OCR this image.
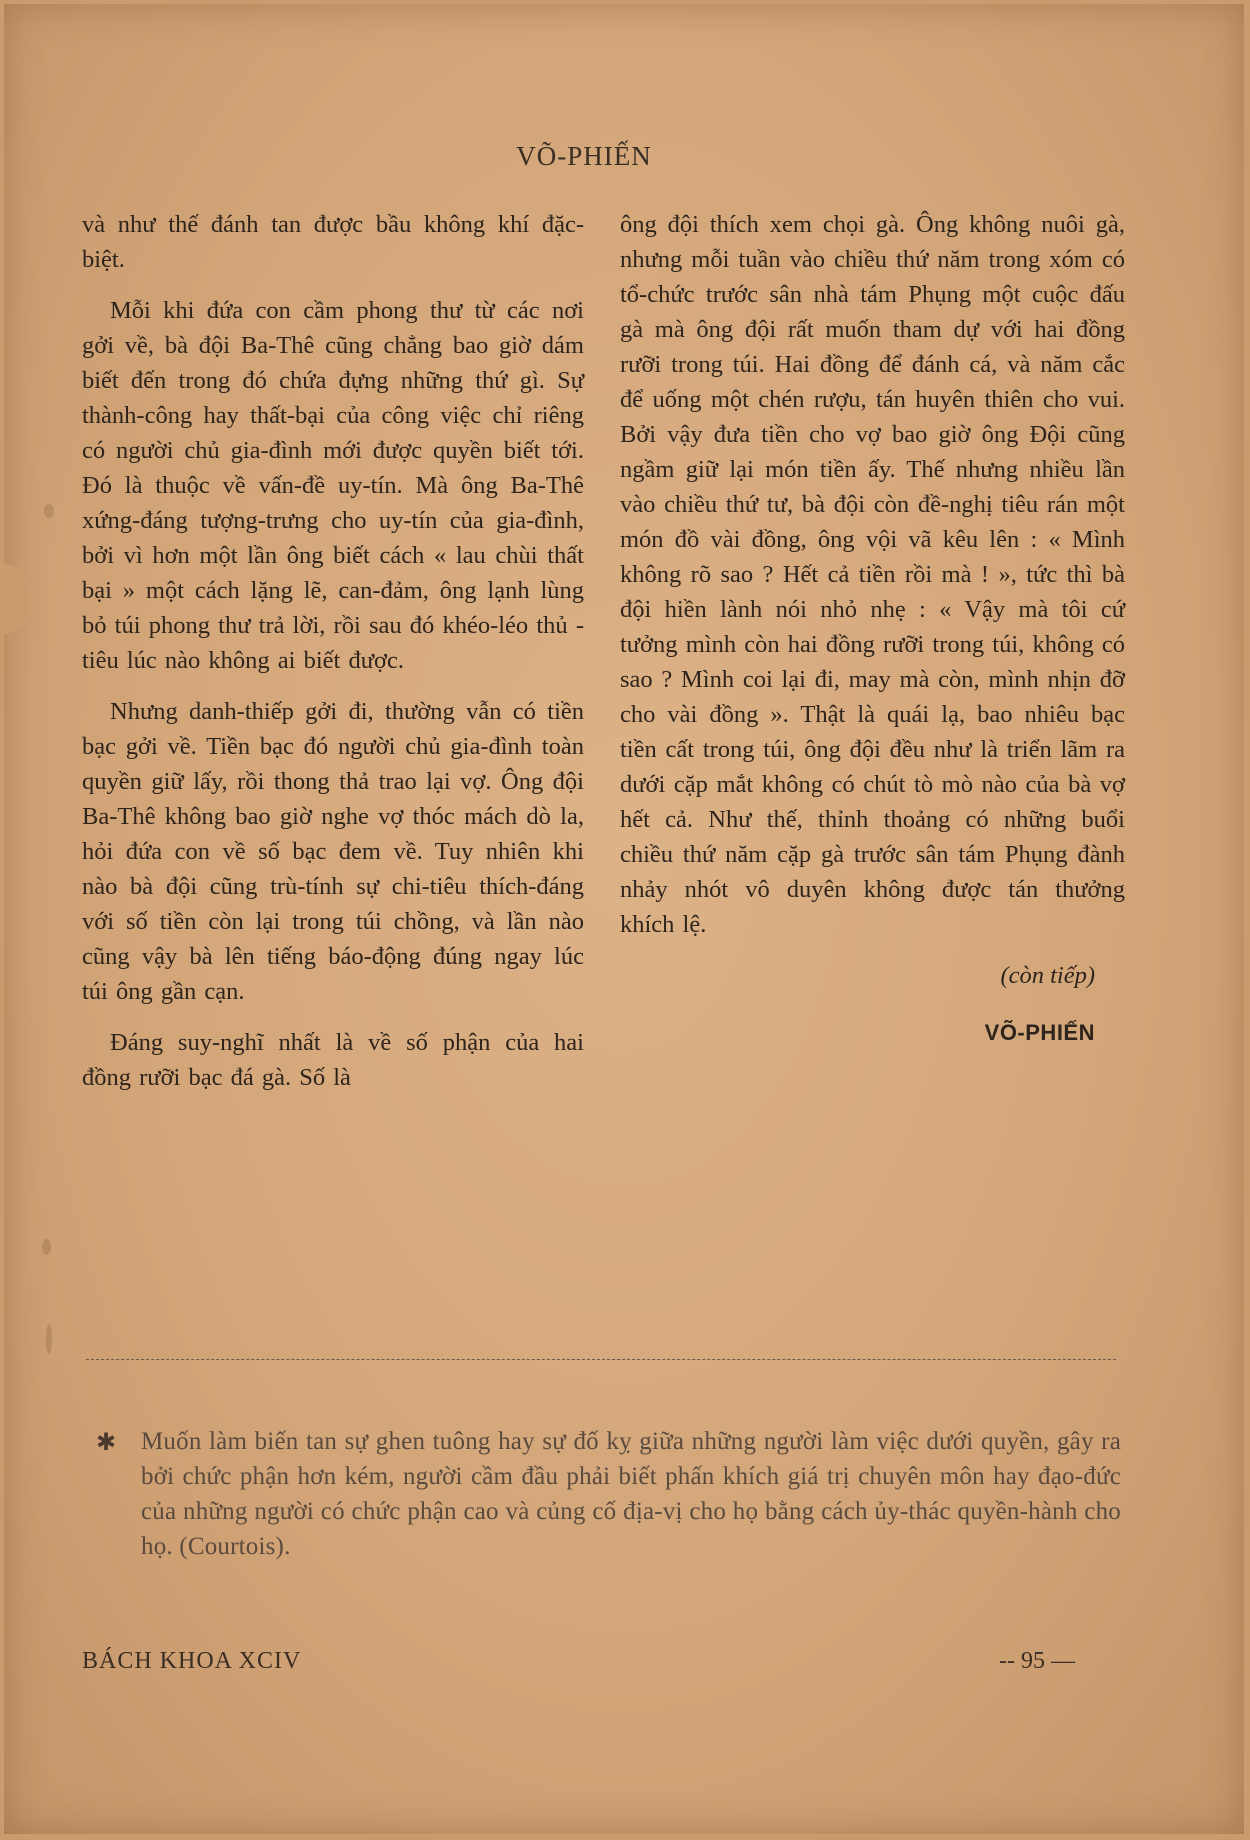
VÕ-PHIẾN

và như thế đánh tan được bầu không khí đặc-biệt.

Mỗi khi đứa con cầm phong thư từ các nơi gởi về, bà đội Ba-Thê cũng chẳng bao giờ dám biết đến trong đó chứa đựng những thứ gì. Sự thành-công hay thất-bại của công việc chỉ riêng có người chủ gia-đình mới được quyền biết tới. Đó là thuộc về vấn-đề uy-tín. Mà ông Ba-Thê xứng-đáng tượng-trưng cho uy-tín của gia-đình, bởi vì hơn một lần ông biết cách « lau chùi thất bại » một cách lặng lẽ, can-đảm, ông lạnh lùng bỏ túi phong thư trả lời, rồi sau đó khéo-léo thủ - tiêu lúc nào không ai biết được.

Nhưng danh-thiếp gởi đi, thường vẫn có tiền bạc gởi về. Tiền bạc đó người chủ gia-đình toàn quyền giữ lấy, rồi thong thả trao lại vợ. Ông đội Ba-Thê không bao giờ nghe vợ thóc mách dò la, hỏi đứa con về số bạc đem về. Tuy nhiên khi nào bà đội cũng trù-tính sự chi-tiêu thích-đáng với số tiền còn lại trong túi chồng, và lần nào cũng vậy bà lên tiếng báo-động đúng ngay lúc túi ông gần cạn.

Đáng suy-nghĩ nhất là về số phận của hai đồng rưỡi bạc đá gà. Số là

ông đội thích xem chọi gà. Ông không nuôi gà, nhưng mỗi tuần vào chiều thứ năm trong xóm có tổ-chức trước sân nhà tám Phụng một cuộc đấu gà mà ông đội rất muốn tham dự với hai đồng rưỡi trong túi. Hai đồng để đánh cá, và năm cắc để uống một chén rượu, tán huyên thiên cho vui. Bởi vậy đưa tiền cho vợ bao giờ ông Đội cũng ngầm giữ lại món tiền ấy. Thế nhưng nhiều lần vào chiều thứ tư, bà đội còn đề-nghị tiêu rán một món đồ vài đồng, ông vội vã kêu lên : « Mình không rõ sao ? Hết cả tiền rồi mà ! », tức thì bà đội hiền lành nói nhỏ nhẹ : « Vậy mà tôi cứ tưởng mình còn hai đồng rưỡi trong túi, không có sao ? Mình coi lại đi, may mà còn, mình nhịn đỡ cho vài đồng ». Thật là quái lạ, bao nhiêu bạc tiền cất trong túi, ông đội đều như là triển lãm ra dưới cặp mắt không có chút tò mò nào của bà vợ hết cả. Như thế, thỉnh thoảng có những buổi chiều thứ năm cặp gà trước sân tám Phụng đành nhảy nhót vô duyên không được tán thưởng khích lệ.

(còn tiếp)
VÕ-PHIẾN
✱ Muốn làm biến tan sự ghen tuông hay sự đố kỵ giữa những người làm việc dưới quyền, gây ra bởi chức phận hơn kém, người cầm đầu phải biết phấn khích giá trị chuyên môn hay đạo-đức của những người có chức phận cao và củng cố địa-vị cho họ bằng cách ủy-thác quyền-hành cho họ. (Courtois).
BÁCH KHOA XCIV	-- 95 —
